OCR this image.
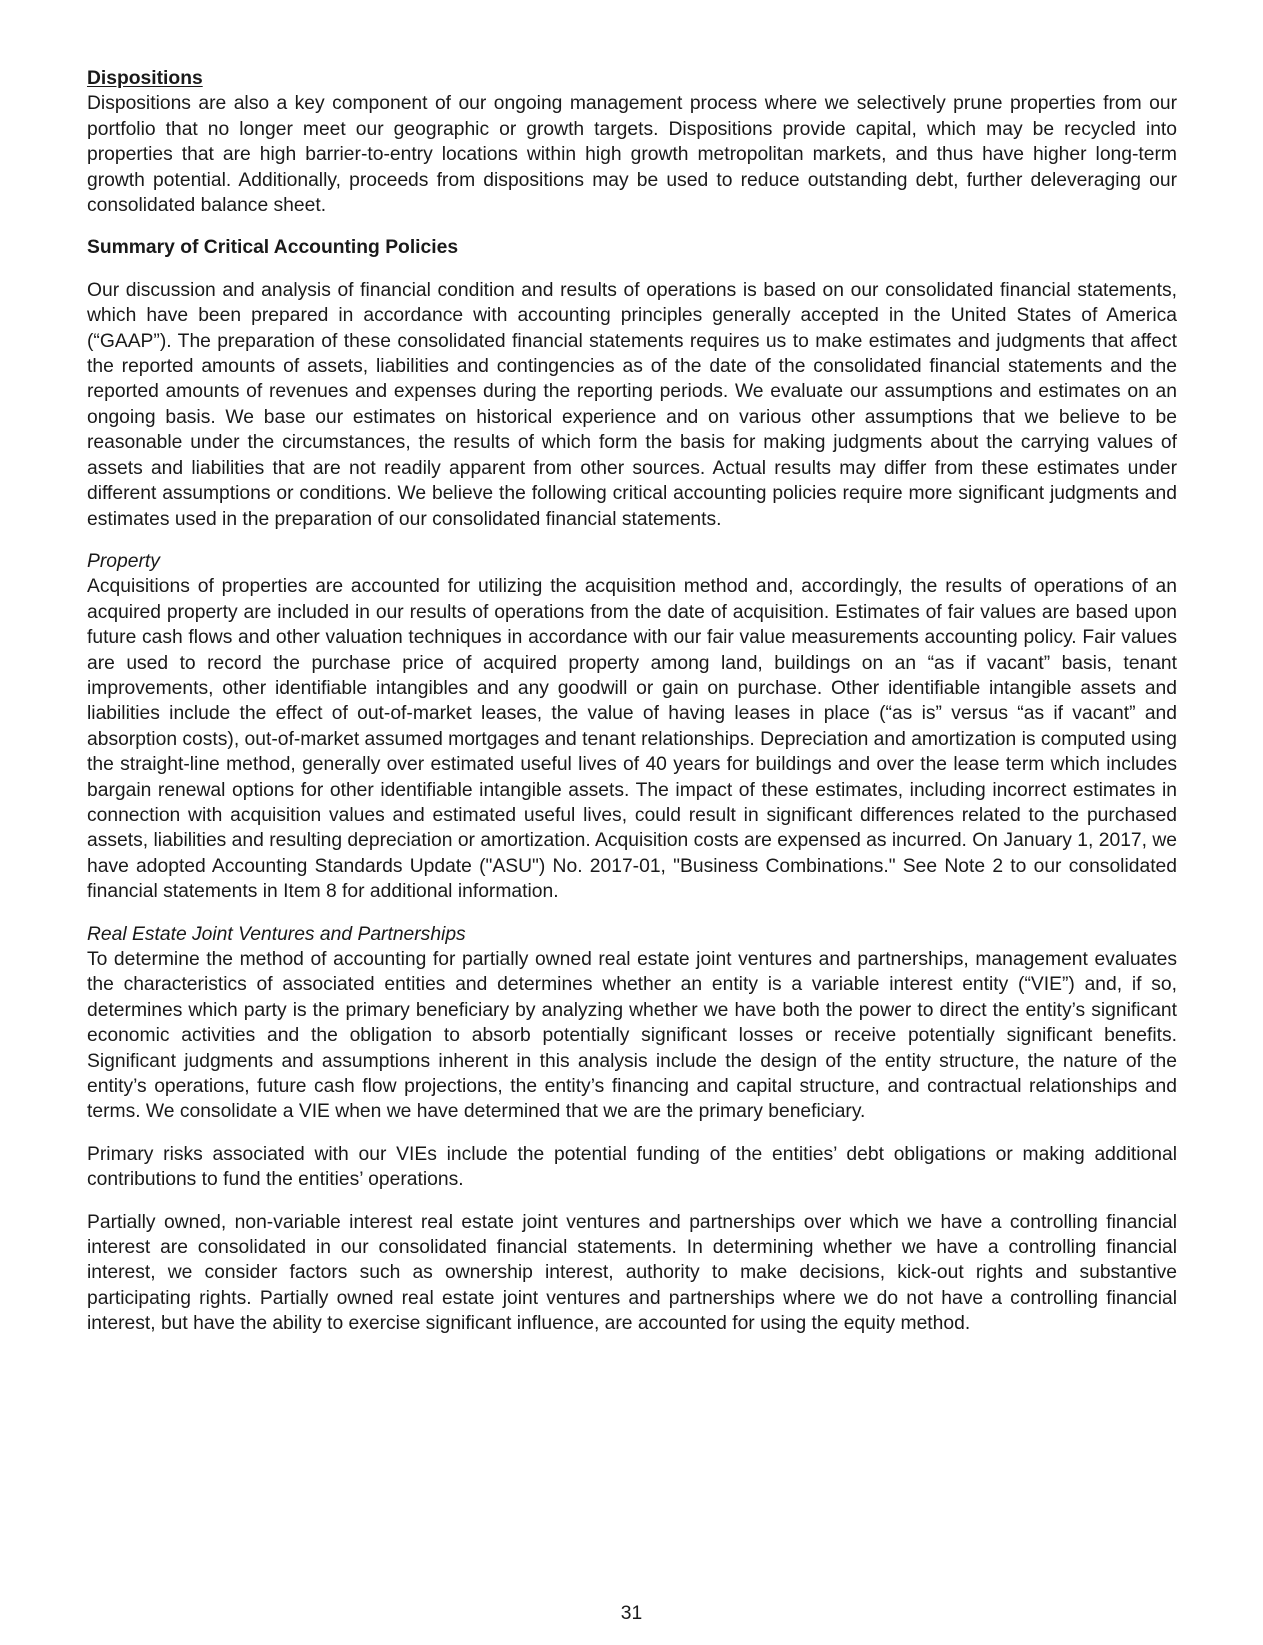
Dispositions

Dispositions are also a key component of our ongoing management process where we selectively prune properties from our portfolio that no longer meet our geographic or growth targets. Dispositions provide capital, which may be recycled into properties that are high barrier-to-entry locations within high growth metropolitan markets, and thus have higher long-term growth potential. Additionally, proceeds from dispositions may be used to reduce outstanding debt, further deleveraging our consolidated balance sheet.

Summary of Critical Accounting Policies

Our discussion and analysis of financial condition and results of operations is based on our consolidated financial statements, which have been prepared in accordance with accounting principles generally accepted in the United States of America (“GAAP”). The preparation of these consolidated financial statements requires us to make estimates and judgments that affect the reported amounts of assets, liabilities and contingencies as of the date of the consolidated financial statements and the reported amounts of revenues and expenses during the reporting periods. We evaluate our assumptions and estimates on an ongoing basis. We base our estimates on historical experience and on various other assumptions that we believe to be reasonable under the circumstances, the results of which form the basis for making judgments about the carrying values of assets and liabilities that are not readily apparent from other sources. Actual results may differ from these estimates under different assumptions or conditions. We believe the following critical accounting policies require more significant judgments and estimates used in the preparation of our consolidated financial statements.

Property

Acquisitions of properties are accounted for utilizing the acquisition method and, accordingly, the results of operations of an acquired property are included in our results of operations from the date of acquisition. Estimates of fair values are based upon future cash flows and other valuation techniques in accordance with our fair value measurements accounting policy. Fair values are used to record the purchase price of acquired property among land, buildings on an “as if vacant” basis, tenant improvements, other identifiable intangibles and any goodwill or gain on purchase. Other identifiable intangible assets and liabilities include the effect of out-of-market leases, the value of having leases in place (“as is” versus “as if vacant” and absorption costs), out-of-market assumed mortgages and tenant relationships. Depreciation and amortization is computed using the straight-line method, generally over estimated useful lives of 40 years for buildings and over the lease term which includes bargain renewal options for other identifiable intangible assets. The impact of these estimates, including incorrect estimates in connection with acquisition values and estimated useful lives, could result in significant differences related to the purchased assets, liabilities and resulting depreciation or amortization. Acquisition costs are expensed as incurred. On January 1, 2017, we have adopted Accounting Standards Update ("ASU") No. 2017-01, "Business Combinations." See Note 2 to our consolidated financial statements in Item 8 for additional information.

Real Estate Joint Ventures and Partnerships

To determine the method of accounting for partially owned real estate joint ventures and partnerships, management evaluates the characteristics of associated entities and determines whether an entity is a variable interest entity (“VIE”) and, if so, determines which party is the primary beneficiary by analyzing whether we have both the power to direct the entity’s significant economic activities and the obligation to absorb potentially significant losses or receive potentially significant benefits. Significant judgments and assumptions inherent in this analysis include the design of the entity structure, the nature of the entity’s operations, future cash flow projections, the entity’s financing and capital structure, and contractual relationships and terms. We consolidate a VIE when we have determined that we are the primary beneficiary.

Primary risks associated with our VIEs include the potential funding of the entities’ debt obligations or making additional contributions to fund the entities’ operations.

Partially owned, non-variable interest real estate joint ventures and partnerships over which we have a controlling financial interest are consolidated in our consolidated financial statements. In determining whether we have a controlling financial interest, we consider factors such as ownership interest, authority to make decisions, kick-out rights and substantive participating rights. Partially owned real estate joint ventures and partnerships where we do not have a controlling financial interest, but have the ability to exercise significant influence, are accounted for using the equity method.

31
